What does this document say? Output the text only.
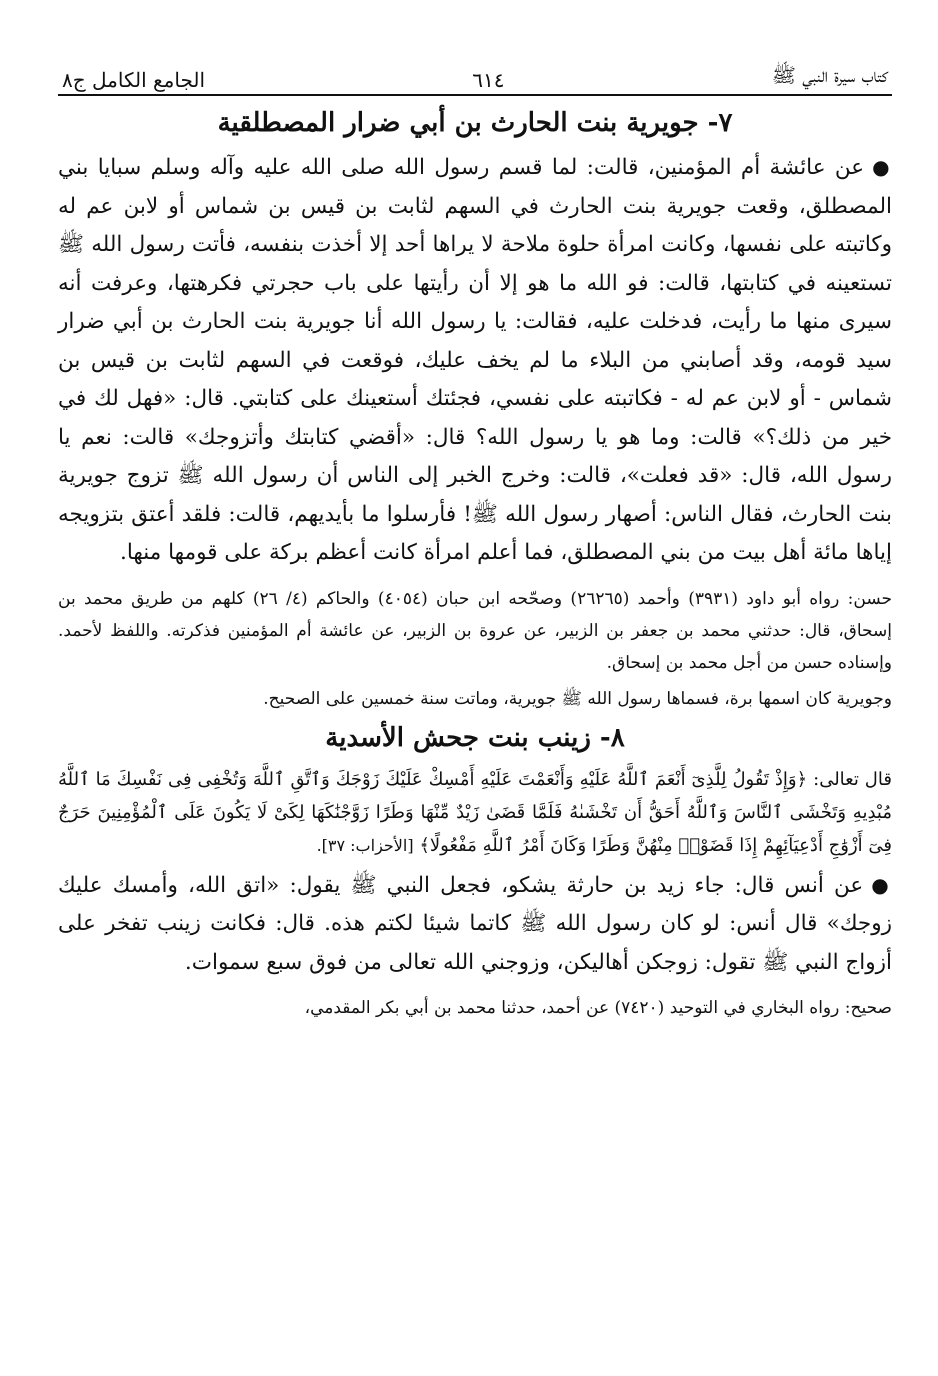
كتاب سيرة النبي ﷺ
٦١٤
الجامع الكامل ج٨
٧- جويرية بنت الحارث بن أبي ضرار المصطلقية

●عن عائشة أم المؤمنين، قالت: لما قسم رسول الله صلى الله عليه وآله وسلم سبايا بني المصطلق، وقعت جويرية بنت الحارث في السهم لثابت بن قيس بن شماس أو لابن عم له وكاتبته على نفسها، وكانت امرأة حلوة ملاحة لا يراها أحد إلا أخذت بنفسه، فأتت رسول الله ﷺ تستعينه في كتابتها، قالت: فو الله ما هو إلا أن رأيتها على باب حجرتي فكرهتها، وعرفت أنه سيرى منها ما رأيت، فدخلت عليه، فقالت: يا رسول الله أنا جويرية بنت الحارث بن أبي ضرار سيد قومه، وقد أصابني من البلاء ما لم يخف عليك، فوقعت في السهم لثابت بن قيس بن شماس - أو لابن عم له - فكاتبته على نفسي، فجئتك أستعينك على كتابتي. قال: «فهل لك في خير من ذلك؟» قالت: وما هو يا رسول الله؟ قال: «أقضي كتابتك وأتزوجك» قالت: نعم يا رسول الله، قال: «قد فعلت»، قالت: وخرج الخبر إلى الناس أن رسول الله ﷺ تزوج جويرية بنت الحارث، فقال الناس: أصهار رسول الله ﷺ! فأرسلوا ما بأيديهم، قالت: فلقد أعتق بتزويجه إياها مائة أهل بيت من بني المصطلق، فما أعلم امرأة كانت أعظم بركة على قومها منها.

حسن: رواه أبو داود (٣٩٣١) وأحمد (٢٦٢٦٥) وصحّحه ابن حبان (٤٠٥٤) والحاكم (٤/ ٢٦) كلهم من طريق محمد بن إسحاق، قال: حدثني محمد بن جعفر بن الزبير، عن عروة بن الزبير، عن عائشة أم المؤمنين فذكرته. واللفظ لأحمد. وإسناده حسن من أجل محمد بن إسحاق.

وجويرية كان اسمها برة، فسماها رسول الله ﷺ جويرية، وماتت سنة خمسين على الصحيح.

٨- زينب بنت جحش الأسدية

قال تعالى: ﴿وَإِذْ تَقُولُ لِلَّذِىٓ أَنْعَمَ ٱللَّهُ عَلَيْهِ وَأَنْعَمْتَ عَلَيْهِ أَمْسِكْ عَلَيْكَ زَوْجَكَ وَٱتَّقِ ٱللَّهَ وَتُخْفِى فِى نَفْسِكَ مَا ٱللَّهُ مُبْدِيهِ وَتَخْشَى ٱلنَّاسَ وَٱللَّهُ أَحَقُّ أَن تَخْشَىٰهُ فَلَمَّا قَضَىٰ زَيْدٌ مِّنْهَا وَطَرًا زَوَّجْنَٰكَهَا لِكَىْ لَا يَكُونَ عَلَى ٱلْمُؤْمِنِينَ حَرَجٌ فِىٓ أَزْوَٰجِ أَدْعِيَآئِهِمْ إِذَا قَضَوْا۟ مِنْهُنَّ وَطَرًا وَكَانَ أَمْرُ ٱللَّهِ مَفْعُولًا﴾ [الأحزاب: ٣٧].

●عن أنس قال: جاء زيد بن حارثة يشكو، فجعل النبي ﷺ يقول: «اتق الله، وأمسك عليك زوجك» قال أنس: لو كان رسول الله ﷺ كاتما شيئا لكتم هذه. قال: فكانت زينب تفخر على أزواج النبي ﷺ تقول: زوجكن أهاليكن، وزوجني الله تعالى من فوق سبع سموات.

صحيح: رواه البخاري في التوحيد (٧٤٢٠) عن أحمد، حدثنا محمد بن أبي بكر المقدمي،
